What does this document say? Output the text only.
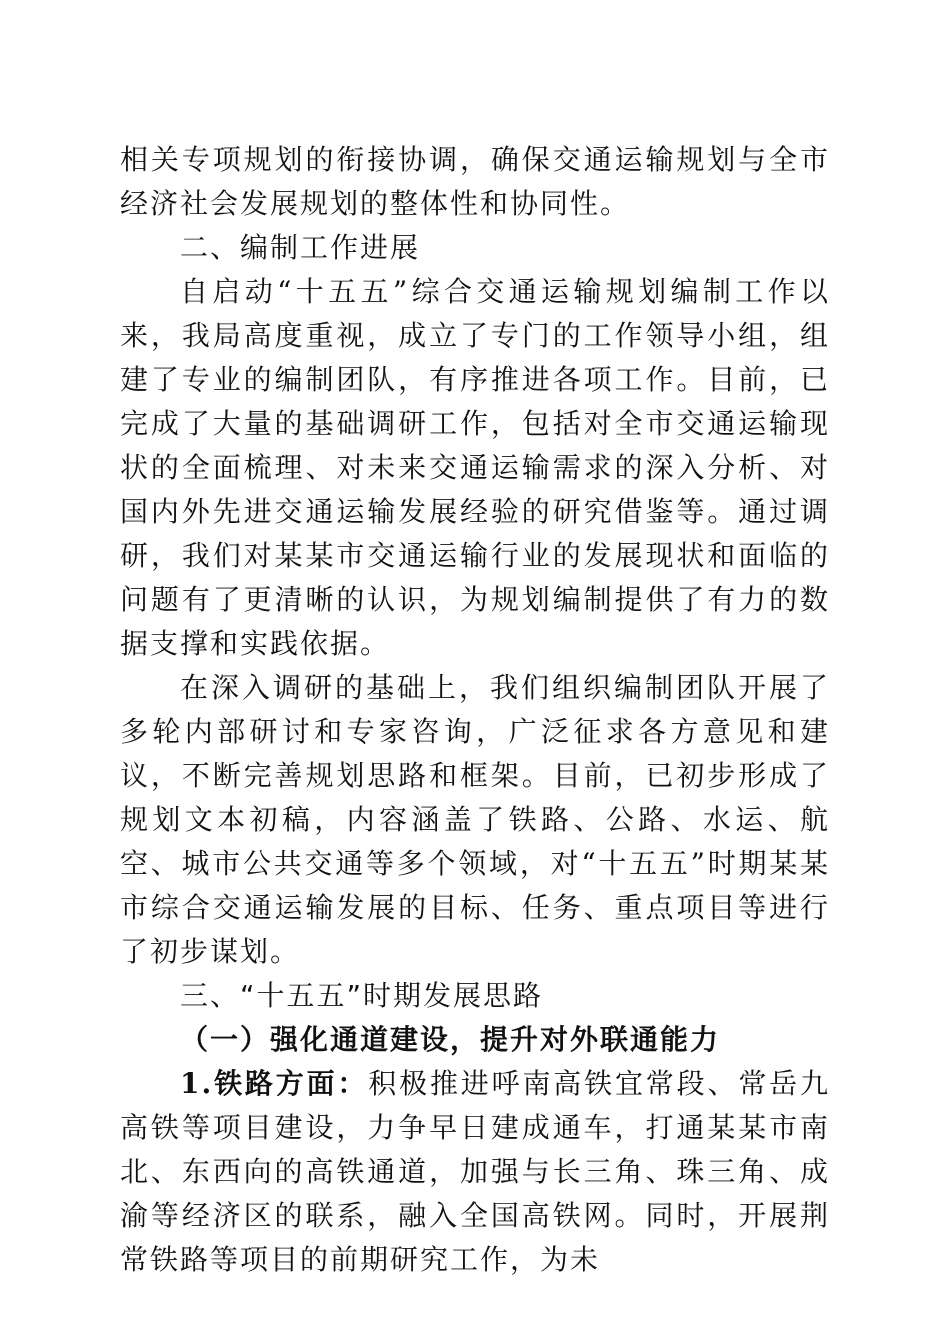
相关专项规划的衔接协调，确保交通运输规划与全市经济社会发展规划的整体性和协同性。

二、编制工作进展

自启动“十五五”综合交通运输规划编制工作以来，我局高度重视，成立了专门的工作领导小组，组建了专业的编制团队，有序推进各项工作。目前，已完成了大量的基础调研工作，包括对全市交通运输现状的全面梳理、对未来交通运输需求的深入分析、对国内外先进交通运输发展经验的研究借鉴等。通过调研，我们对某某市交通运输行业的发展现状和面临的问题有了更清晰的认识，为规划编制提供了有力的数据支撑和实践依据。

在深入调研的基础上，我们组织编制团队开展了多轮内部研讨和专家咨询，广泛征求各方意见和建议，不断完善规划思路和框架。目前，已初步形成了规划文本初稿，内容涵盖了铁路、公路、水运、航空、城市公共交通等多个领域，对“十五五”时期某某市综合交通运输发展的目标、任务、重点项目等进行了初步谋划。

三、“十五五”时期发展思路
（一）强化通道建设，提升对外联通能力

1.铁路方面：积极推进呼南高铁宜常段、常岳九高铁等项目建设，力争早日建成通车，打通某某市南北、东西向的高铁通道，加强与长三角、珠三角、成渝等经济区的联系，融入全国高铁网。同时，开展荆常铁路等项目的前期研究工作，为未
